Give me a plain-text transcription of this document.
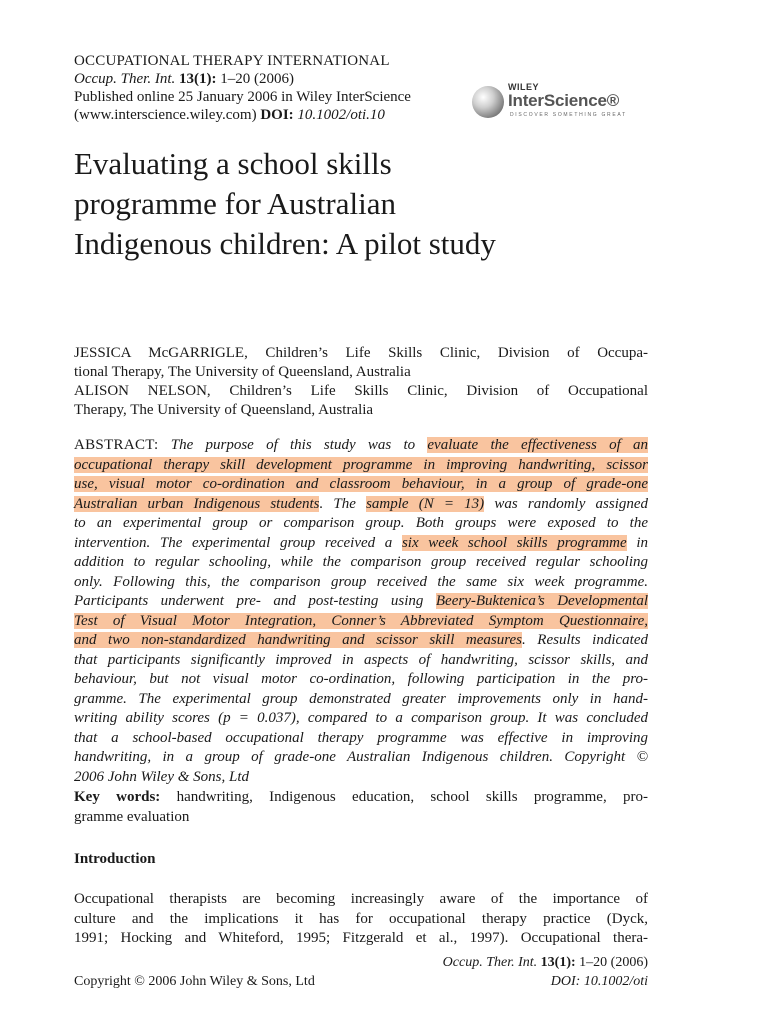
OCCUPATIONAL THERAPY INTERNATIONAL
Occup. Ther. Int. 13(1): 1–20 (2006)
Published online 25 January 2006 in Wiley InterScience
(www.interscience.wiley.com) DOI: 10.1002/oti.10
WILEY
InterScience®
DISCOVER SOMETHING GREAT
Evaluating a school skills
programme for Australian
Indigenous children: A pilot study
JESSICA McGARRIGLE, Children’s Life Skills Clinic, Division of Occupa-
tional Therapy, The University of Queensland, Australia
ALISON NELSON, Children’s Life Skills Clinic, Division of Occupational
Therapy, The University of Queensland, Australia
ABSTRACT: The purpose of this study was to evaluate the effectiveness of an
occupational therapy skill development programme in improving handwriting, scissor
use, visual motor co-ordination and classroom behaviour, in a group of grade-one
Australian urban Indigenous students. The sample (N = 13) was randomly assigned
to an experimental group or comparison group. Both groups were exposed to the
intervention. The experimental group received a six week school skills programme in
addition to regular schooling, while the comparison group received regular schooling
only. Following this, the comparison group received the same six week programme.
Participants underwent pre- and post-testing using Beery-Buktenica’s Developmental
Test of Visual Motor Integration, Conner’s Abbreviated Symptom Questionnaire,
and two non-standardized handwriting and scissor skill measures. Results indicated
that participants significantly improved in aspects of handwriting, scissor skills, and
behaviour, but not visual motor co-ordination, following participation in the pro-
gramme. The experimental group demonstrated greater improvements only in hand-
writing ability scores (p = 0.037), compared to a comparison group. It was concluded
that a school-based occupational therapy programme was effective in improving
handwriting, in a group of grade-one Australian Indigenous children. Copyright ©
2006 John Wiley & Sons, Ltd
Key words: handwriting, Indigenous education, school skills programme, pro-
gramme evaluation
Introduction
Occupational therapists are becoming increasingly aware of the importance of
culture and the implications it has for occupational therapy practice (Dyck,
1991; Hocking and Whiteford, 1995; Fitzgerald et al., 1997). Occupational thera-
Occup. Ther. Int. 13(1): 1–20 (2006)
DOI: 10.1002/oti
Copyright © 2006 John Wiley & Sons, Ltd
